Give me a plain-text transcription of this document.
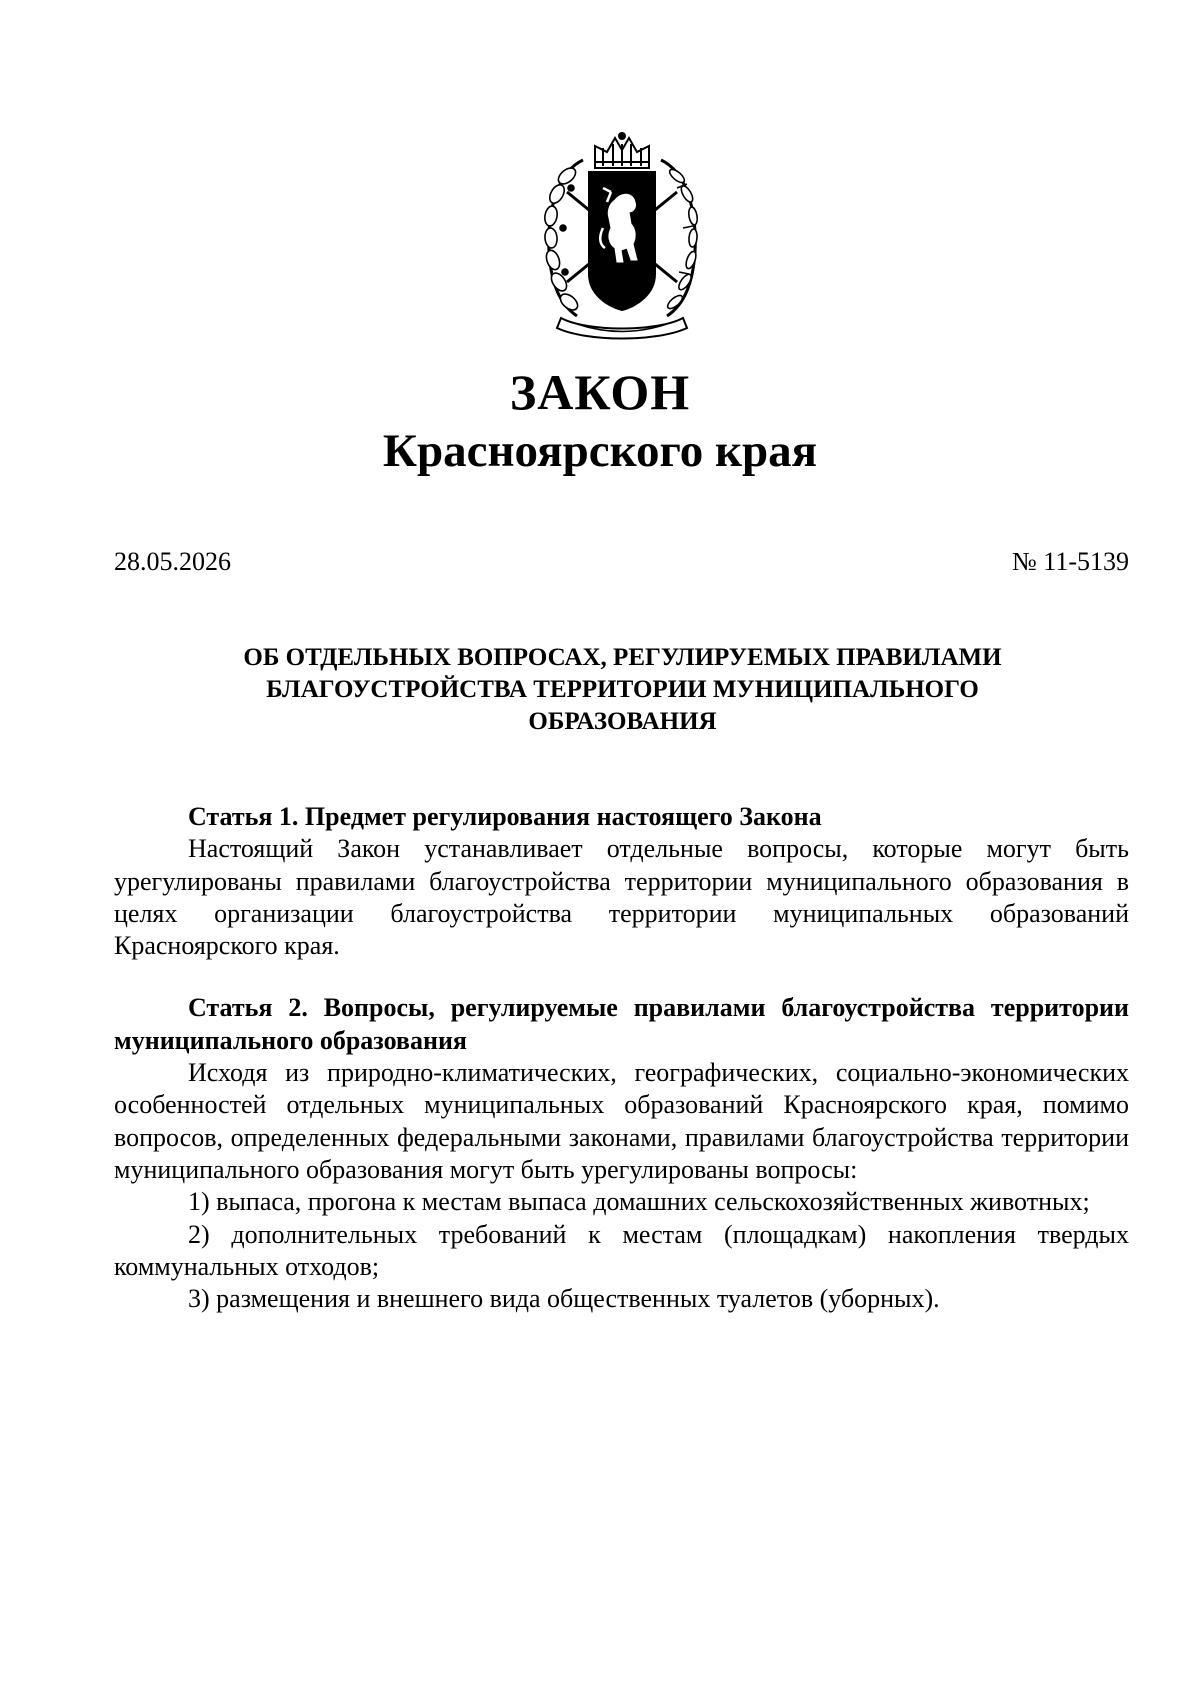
ЗАКОН
Красноярского края
28.05.2026	№ 11-5139
ОБ ОТДЕЛЬНЫХ ВОПРОСАХ, РЕГУЛИРУЕМЫХ ПРАВИЛАМИ
БЛАГОУСТРОЙСТВА ТЕРРИТОРИИ МУНИЦИПАЛЬНОГО
ОБРАЗОВАНИЯ

Статья 1. Предмет регулирования настоящего Закона

Настоящий Закон устанавливает отдельные вопросы, которые могут быть урегулированы правилами благоустройства территории муниципального образования в целях организации благоустройства территории муниципальных образований Красноярского края.

Статья 2. Вопросы, регулируемые правилами благоустройства территории муниципального образования

Исходя из природно-климатических, географических, социально-экономических особенностей отдельных муниципальных образований Красноярского края, помимо вопросов, определенных федеральными законами, правилами благоустройства территории муниципального образования могут быть урегулированы вопросы:

1) выпаса, прогона к местам выпаса домашних сельскохозяйственных животных;

2) дополнительных требований к местам (площадкам) накопления твердых коммунальных отходов;

3) размещения и внешнего вида общественных туалетов (уборных).
